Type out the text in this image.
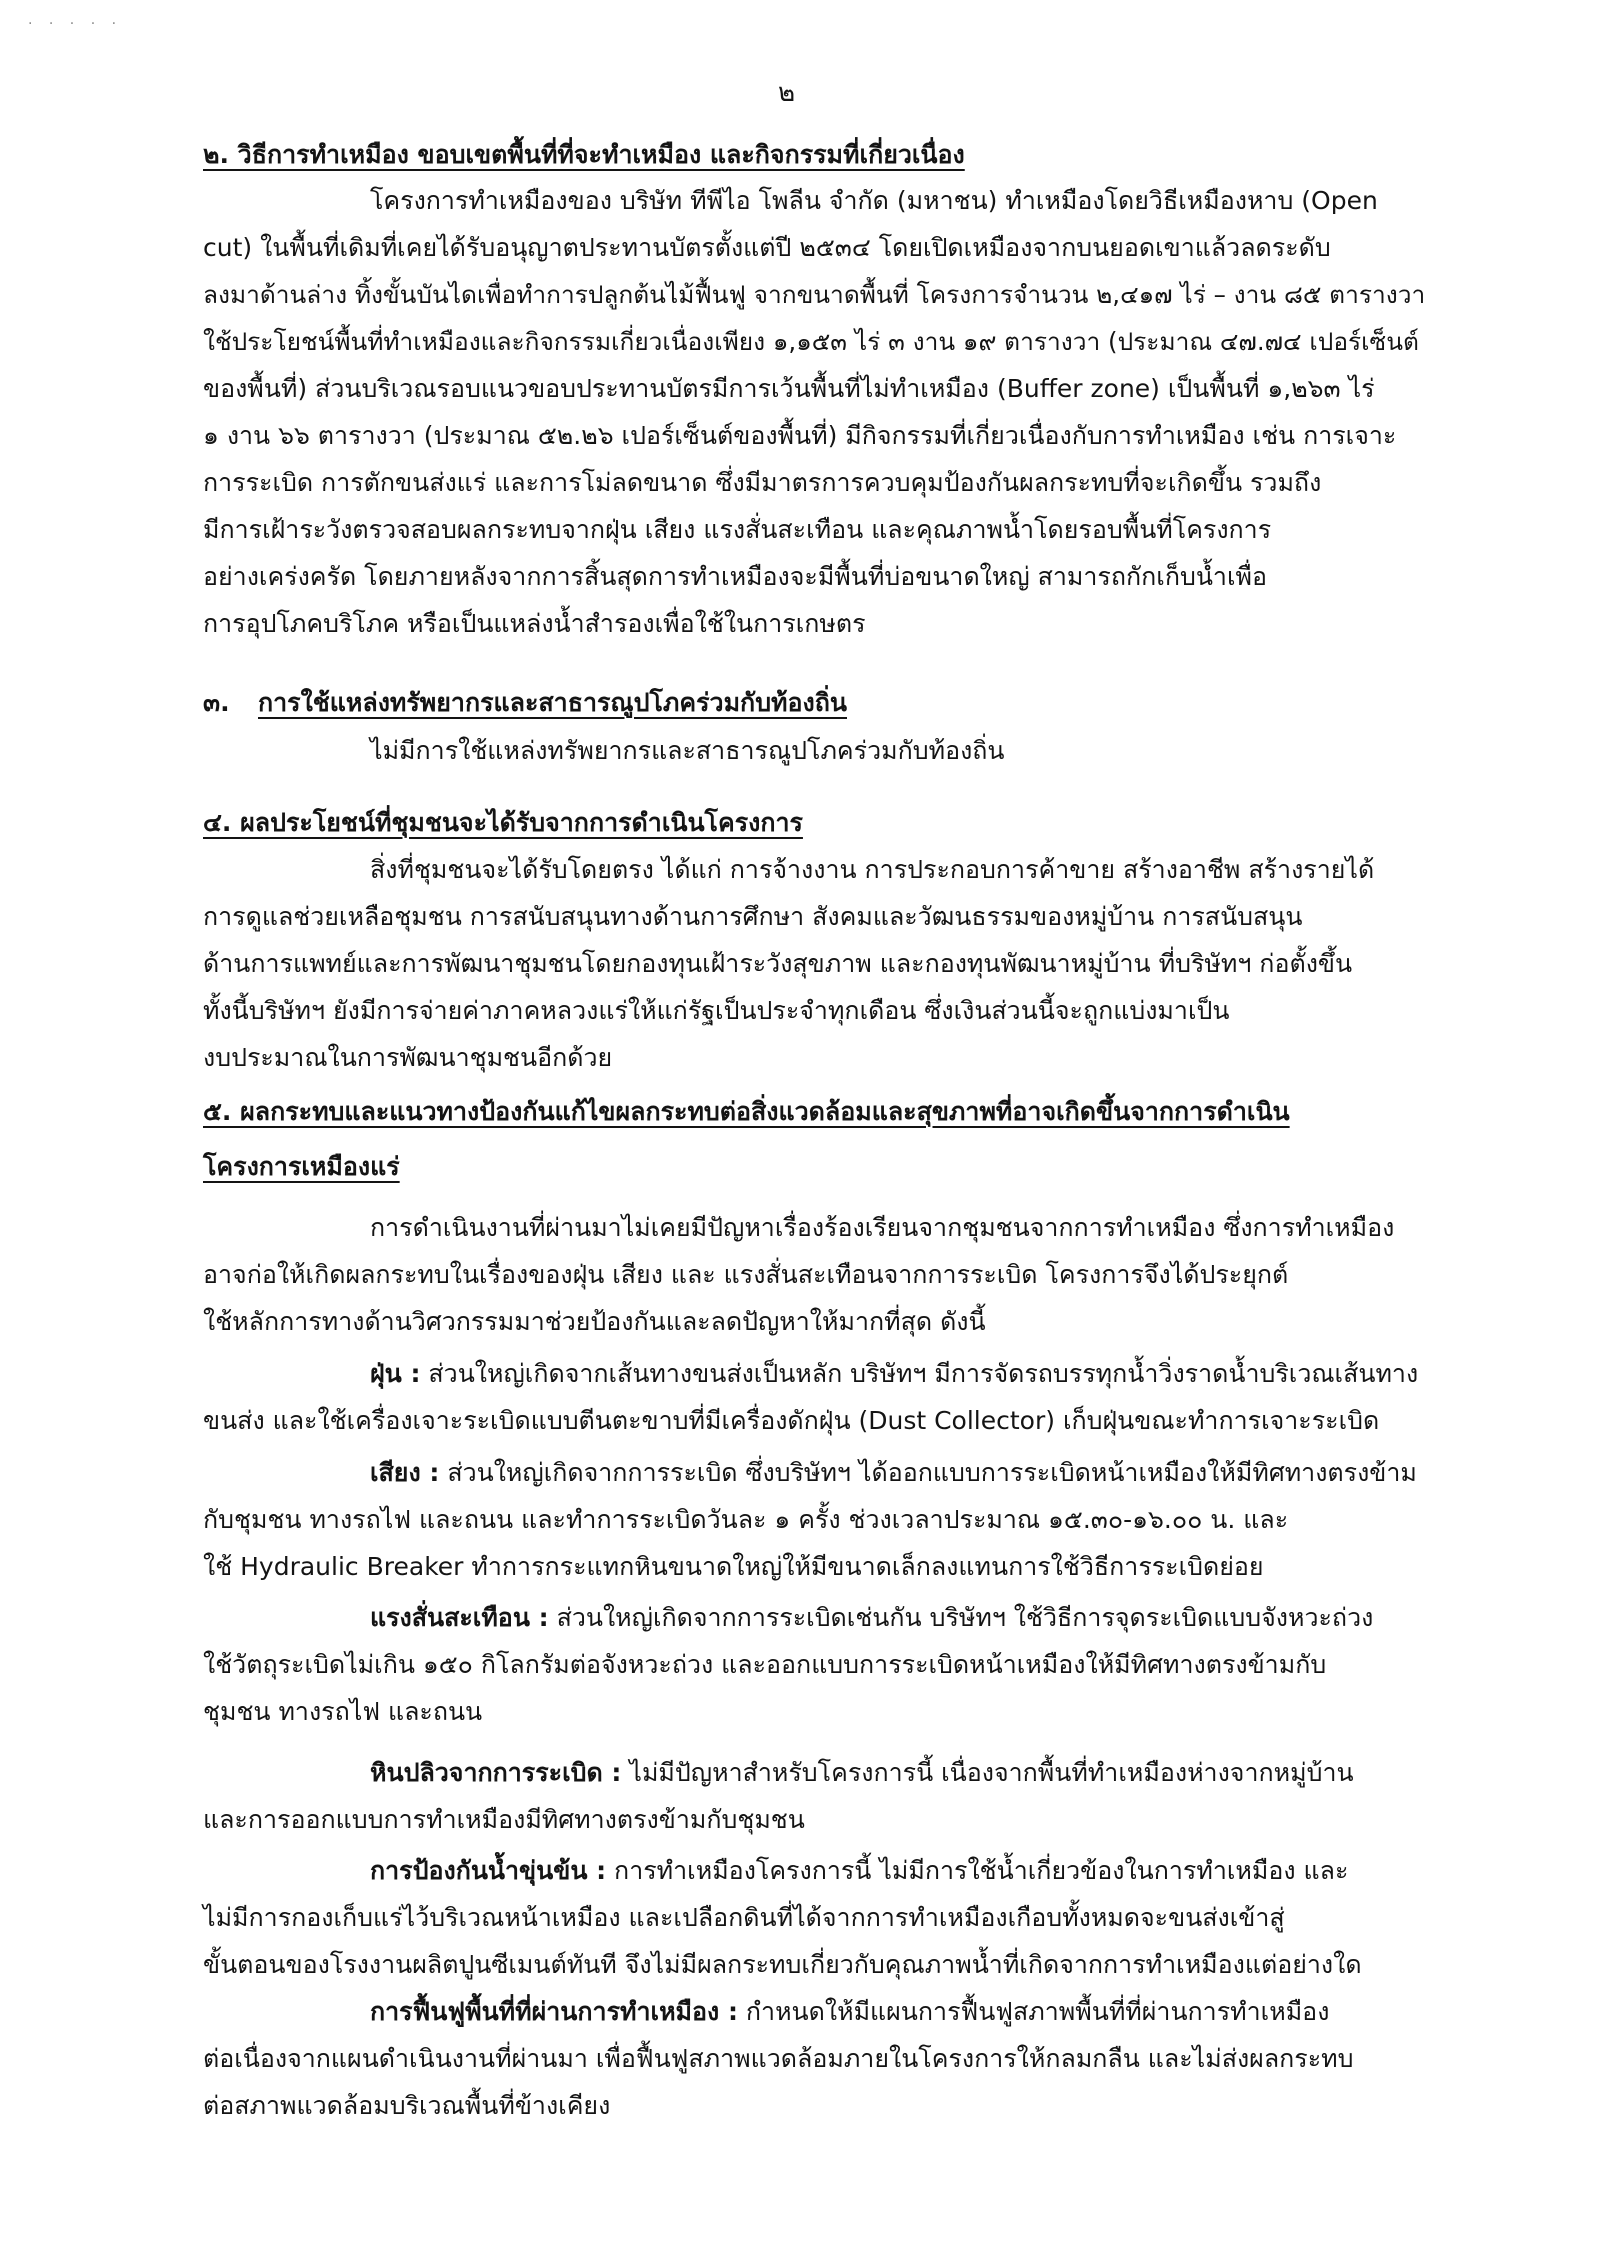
· · · · ·
๒
๒. วิธีการทำเหมือง ขอบเขตพื้นที่ที่จะทำเหมือง และกิจกรรมที่เกี่ยวเนื่อง
โครงการทำเหมืองของ บริษัท ทีพีไอ โพลีน จำกัด (มหาชน) ทำเหมืองโดยวิธีเหมืองหาบ (Open
cut) ในพื้นที่เดิมที่เคยได้รับอนุญาตประทานบัตรตั้งแต่ปี ๒๕๓๔ โดยเปิดเหมืองจากบนยอดเขาแล้วลดระดับ
ลงมาด้านล่าง ทิ้งขั้นบันไดเพื่อทำการปลูกต้นไม้ฟื้นฟู จากขนาดพื้นที่ โครงการจำนวน ๒,๔๑๗ ไร่ – งาน ๘๕ ตารางวา
ใช้ประโยชน์พื้นที่ทำเหมืองและกิจกรรมเกี่ยวเนื่องเพียง ๑,๑๕๓ ไร่ ๓ งาน ๑๙ ตารางวา (ประมาณ ๔๗.๗๔ เปอร์เซ็นต์
ของพื้นที่) ส่วนบริเวณรอบแนวขอบประทานบัตรมีการเว้นพื้นที่ไม่ทำเหมือง (Buffer zone) เป็นพื้นที่ ๑,๒๖๓ ไร่
๑ งาน ๖๖ ตารางวา (ประมาณ ๕๒.๒๖ เปอร์เซ็นต์ของพื้นที่) มีกิจกรรมที่เกี่ยวเนื่องกับการทำเหมือง เช่น การเจาะ
การระเบิด การตักขนส่งแร่ และการโม่ลดขนาด ซึ่งมีมาตรการควบคุมป้องกันผลกระทบที่จะเกิดขึ้น รวมถึง
มีการเฝ้าระวังตรวจสอบผลกระทบจากฝุ่น เสียง แรงสั่นสะเทือน และคุณภาพน้ำโดยรอบพื้นที่โครงการ
อย่างเคร่งครัด โดยภายหลังจากการสิ้นสุดการทำเหมืองจะมีพื้นที่บ่อขนาดใหญ่ สามารถกักเก็บน้ำเพื่อ
การอุปโภคบริโภค หรือเป็นแหล่งน้ำสำรองเพื่อใช้ในการเกษตร
๓. การใช้แหล่งทรัพยากรและสาธารณูปโภคร่วมกับท้องถิ่น
ไม่มีการใช้แหล่งทรัพยากรและสาธารณูปโภคร่วมกับท้องถิ่น
๔. ผลประโยชน์ที่ชุมชนจะได้รับจากการดำเนินโครงการ
สิ่งที่ชุมชนจะได้รับโดยตรง ได้แก่ การจ้างงาน การประกอบการค้าขาย สร้างอาชีพ สร้างรายได้
การดูแลช่วยเหลือชุมชน การสนับสนุนทางด้านการศึกษา สังคมและวัฒนธรรมของหมู่บ้าน การสนับสนุน
ด้านการแพทย์และการพัฒนาชุมชนโดยกองทุนเฝ้าระวังสุขภาพ และกองทุนพัฒนาหมู่บ้าน ที่บริษัทฯ ก่อตั้งขึ้น
ทั้งนี้บริษัทฯ ยังมีการจ่ายค่าภาคหลวงแร่ให้แก่รัฐเป็นประจำทุกเดือน ซึ่งเงินส่วนนี้จะถูกแบ่งมาเป็น
งบประมาณในการพัฒนาชุมชนอีกด้วย
๕. ผลกระทบและแนวทางป้องกันแก้ไขผลกระทบต่อสิ่งแวดล้อมและสุขภาพที่อาจเกิดขึ้นจากการดำเนิน
โครงการเหมืองแร่
การดำเนินงานที่ผ่านมาไม่เคยมีปัญหาเรื่องร้องเรียนจากชุมชนจากการทำเหมือง ซึ่งการทำเหมือง
อาจก่อให้เกิดผลกระทบในเรื่องของฝุ่น เสียง และ แรงสั่นสะเทือนจากการระเบิด โครงการจึงได้ประยุกต์
ใช้หลักการทางด้านวิศวกรรมมาช่วยป้องกันและลดปัญหาให้มากที่สุด ดังนี้
ฝุ่น : ส่วนใหญ่เกิดจากเส้นทางขนส่งเป็นหลัก บริษัทฯ มีการจัดรถบรรทุกน้ำวิ่งราดน้ำบริเวณเส้นทาง
ขนส่ง และใช้เครื่องเจาะระเบิดแบบตีนตะขาบที่มีเครื่องดักฝุ่น (Dust Collector) เก็บฝุ่นขณะทำการเจาะระเบิด
เสียง : ส่วนใหญ่เกิดจากการระเบิด ซึ่งบริษัทฯ ได้ออกแบบการระเบิดหน้าเหมืองให้มีทิศทางตรงข้าม
กับชุมชน ทางรถไฟ และถนน และทำการระเบิดวันละ ๑ ครั้ง ช่วงเวลาประมาณ ๑๕.๓๐-๑๖.๐๐ น. และ
ใช้ Hydraulic Breaker ทำการกระแทกหินขนาดใหญ่ให้มีขนาดเล็กลงแทนการใช้วิธีการระเบิดย่อย
แรงสั่นสะเทือน : ส่วนใหญ่เกิดจากการระเบิดเช่นกัน บริษัทฯ ใช้วิธีการจุดระเบิดแบบจังหวะถ่วง
ใช้วัตถุระเบิดไม่เกิน ๑๕๐ กิโลกรัมต่อจังหวะถ่วง และออกแบบการระเบิดหน้าเหมืองให้มีทิศทางตรงข้ามกับ
ชุมชน ทางรถไฟ และถนน
หินปลิวจากการระเบิด : ไม่มีปัญหาสำหรับโครงการนี้ เนื่องจากพื้นที่ทำเหมืองห่างจากหมู่บ้าน
และการออกแบบการทำเหมืองมีทิศทางตรงข้ามกับชุมชน
การป้องกันน้ำขุ่นข้น : การทำเหมืองโครงการนี้ ไม่มีการใช้น้ำเกี่ยวข้องในการทำเหมือง และ
ไม่มีการกองเก็บแร่ไว้บริเวณหน้าเหมือง และเปลือกดินที่ได้จากการทำเหมืองเกือบทั้งหมดจะขนส่งเข้าสู่
ขั้นตอนของโรงงานผลิตปูนซีเมนต์ทันที จึงไม่มีผลกระทบเกี่ยวกับคุณภาพน้ำที่เกิดจากการทำเหมืองแต่อย่างใด
การฟื้นฟูพื้นที่ที่ผ่านการทำเหมือง : กำหนดให้มีแผนการฟื้นฟูสภาพพื้นที่ที่ผ่านการทำเหมือง
ต่อเนื่องจากแผนดำเนินงานที่ผ่านมา เพื่อฟื้นฟูสภาพแวดล้อมภายในโครงการให้กลมกลืน และไม่ส่งผลกระทบ
ต่อสภาพแวดล้อมบริเวณพื้นที่ข้างเคียง
